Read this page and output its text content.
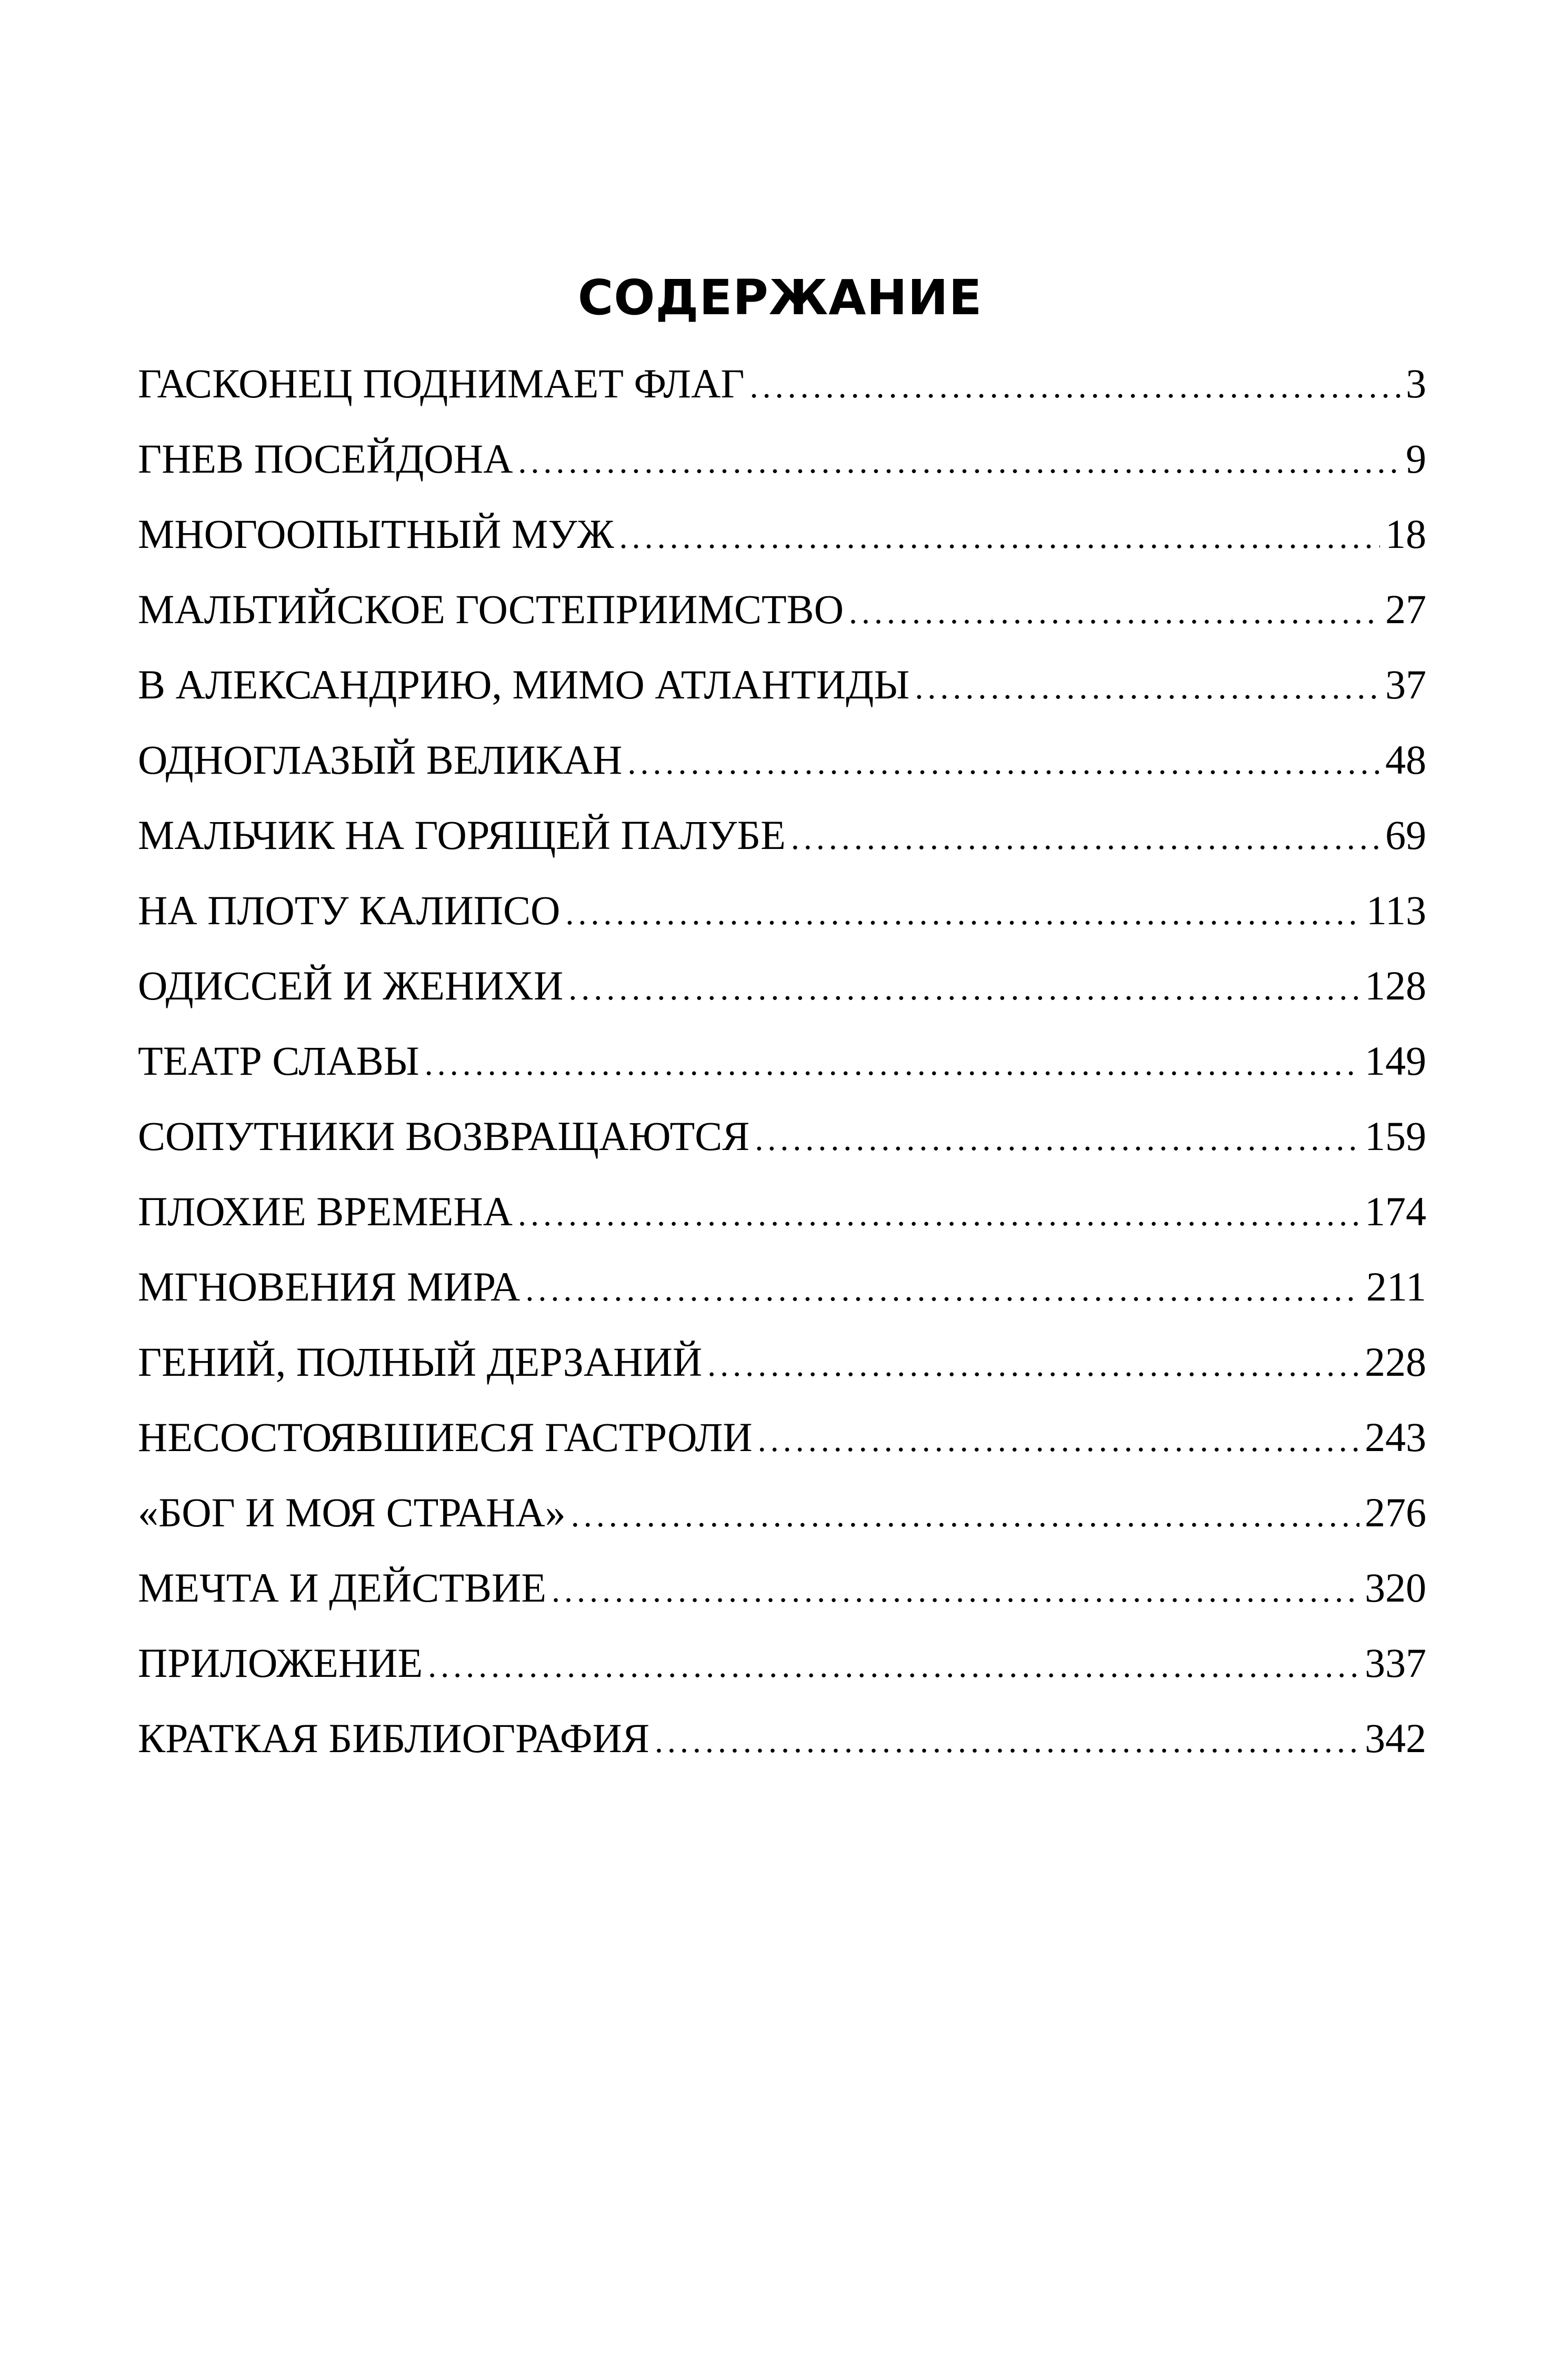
СОДЕРЖАНИЕ
ГАСКОНЕЦ ПОДНИМАЕТ ФЛАГ . . .	3
ГНЕВ ПОСЕЙДОНА . . .	9
МНОГООПЫТНЫЙ МУЖ . . .	18
МАЛЬТИЙСКОЕ ГОСТЕПРИИМСТВО . . .	27
В АЛЕКСАНДРИЮ, МИМО АТЛАНТИДЫ . . .	37
ОДНОГЛАЗЫЙ ВЕЛИКАН . . .	48
МАЛЬЧИК НА ГОРЯЩЕЙ ПАЛУБЕ . . .	69
НА ПЛОТУ КАЛИПСО . . .	113
ОДИССЕЙ И ЖЕНИХИ . . .	128
ТЕАТР СЛАВЫ . . .	149
СОПУТНИКИ ВОЗВРАЩАЮТСЯ . . .	159
ПЛОХИЕ ВРЕМЕНА . . .	174
МГНОВЕНИЯ МИРА . . .	211
ГЕНИЙ, ПОЛНЫЙ ДЕРЗАНИЙ . . .	228
НЕСОСТОЯВШИЕСЯ ГАСТРОЛИ . . .	243
«БОГ И МОЯ СТРАНА» . . .	276
МЕЧТА И ДЕЙСТВИЕ . . .	320
ПРИЛОЖЕНИЕ . . .	337
КРАТКАЯ БИБЛИОГРАФИЯ . . .	342
